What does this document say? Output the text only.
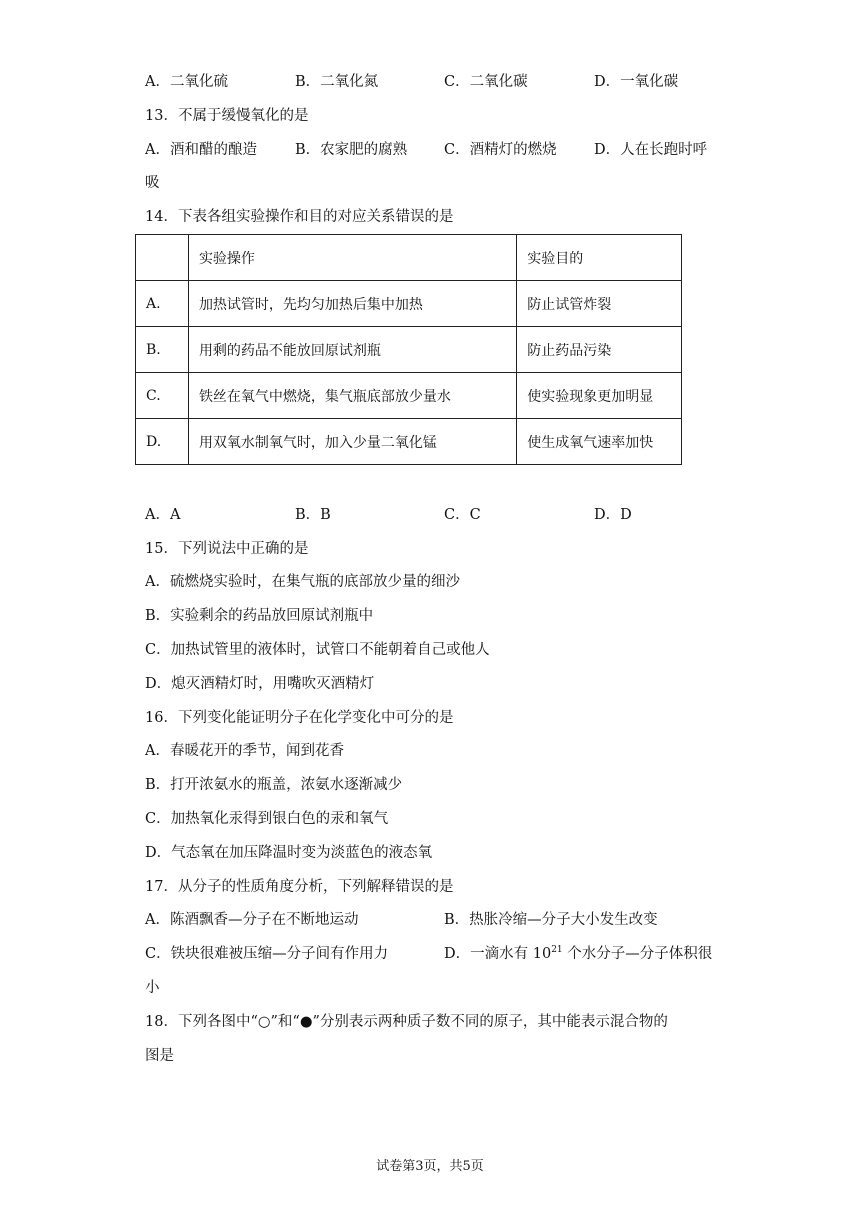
A．二氧化硫	B．二氧化氮	C．二氧化碳	D．一氧化碳
13．不属于缓慢氧化的是
A．酒和醋的酿造	B．农家肥的腐熟	C．酒精灯的燃烧	D．人在长跑时呼
吸
14．下表各组实验操作和目的对应关系错误的是
	实验操作	实验目的
A.	加热试管时，先均匀加热后集中加热	防止试管炸裂
B.	用剩的药品不能放回原试剂瓶	防止药品污染
C.	铁丝在氧气中燃烧，集气瓶底部放少量水	使实验现象更加明显
D.	用双氧水制氧气时，加入少量二氧化锰	使生成氧气速率加快
A．A	B．B	C．C	D．D
15．下列说法中正确的是
A．硫燃烧实验时，在集气瓶的底部放少量的细沙
B．实验剩余的药品放回原试剂瓶中
C．加热试管里的液体时，试管口不能朝着自己或他人
D．熄灭酒精灯时，用嘴吹灭酒精灯
16．下列变化能证明分子在化学变化中可分的是
A．春暖花开的季节，闻到花香
B．打开浓氨水的瓶盖，浓氨水逐渐减少
C．加热氧化汞得到银白色的汞和氧气
D．气态氧在加压降温时变为淡蓝色的液态氧
17．从分子的性质角度分析，下列解释错误的是
A．陈酒飘香—分子在不断地运动	B．热胀冷缩—分子大小发生改变
C．铁块很难被压缩—分子间有作用力	D．一滴水有 $10^{21}$ 个水分子—分子体积很
小
18．下列各图中“○”和“●”分别表示两种质子数不同的原子，其中能表示混合物的
图是
试卷第3页，共5页
